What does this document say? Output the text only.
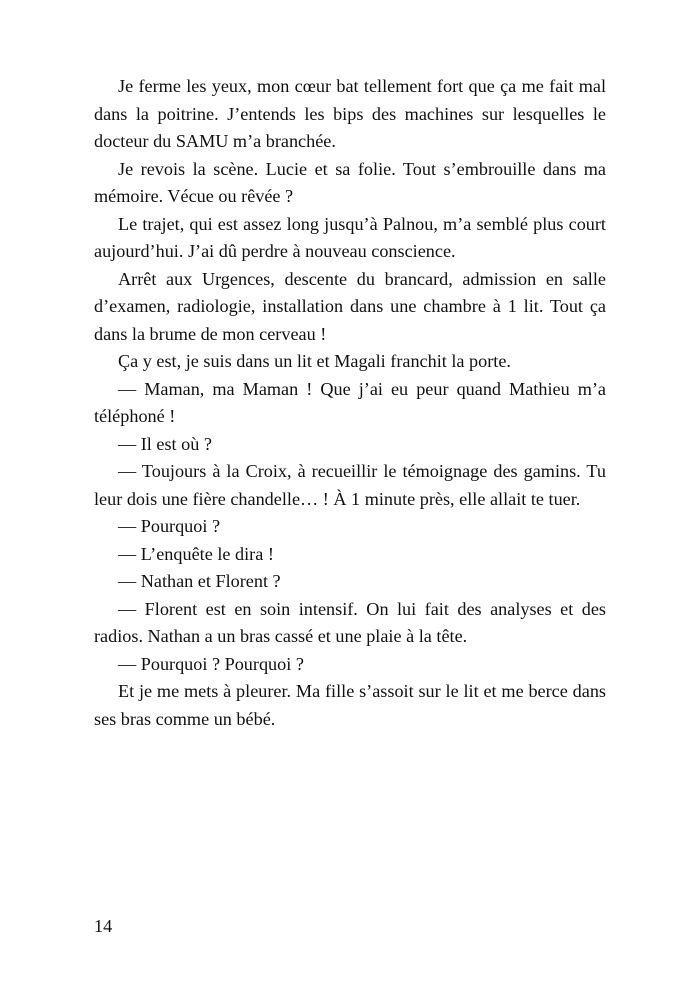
Je ferme les yeux, mon cœur bat tellement fort que ça me fait mal dans la poitrine. J’entends les bips des machines sur lesquelles le docteur du SAMU m’a branchée.

Je revois la scène. Lucie et sa folie. Tout s’embrouille dans ma mémoire. Vécue ou rêvée ?

Le trajet, qui est assez long jusqu’à Palnou, m’a semblé plus court aujourd’hui. J’ai dû perdre à nouveau conscience.

Arrêt aux Urgences, descente du brancard, admission en salle d’examen, radiologie, installation dans une chambre à 1 lit. Tout ça dans la brume de mon cerveau !

Ça y est, je suis dans un lit et Magali franchit la porte.

— Maman, ma Maman ! Que j’ai eu peur quand Mathieu m’a téléphoné !

— Il est où ?

— Toujours à la Croix, à recueillir le témoignage des gamins. Tu leur dois une fière chandelle… ! À 1 minute près, elle allait te tuer.

— Pourquoi ?

— L’enquête le dira !

— Nathan et Florent ?

— Florent est en soin intensif. On lui fait des analyses et des radios. Nathan a un bras cassé et une plaie à la tête.

— Pourquoi ? Pourquoi ?

Et je me mets à pleurer. Ma fille s’assoit sur le lit et me berce dans ses bras comme un bébé.

14
